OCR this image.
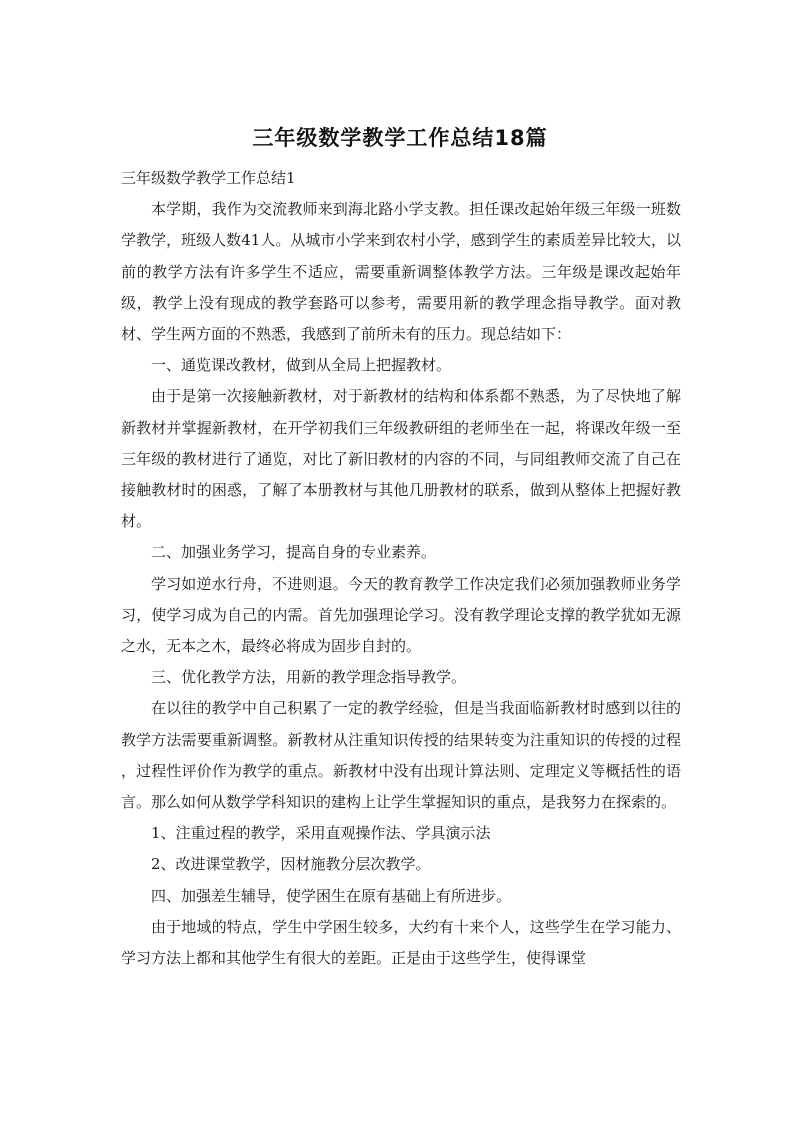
三年级数学教学工作总结18篇

三年级数学教学工作总结1

本学期，我作为交流教师来到海北路小学支教。担任课改起始年级三年级一班数学教学，班级人数41人。从城市小学来到农村小学，感到学生的素质差异比较大，以前的教学方法有许多学生不适应，需要重新调整体教学方法。三年级是课改起始年级，教学上没有现成的教学套路可以参考，需要用新的教学理念指导教学。面对教材、学生两方面的不熟悉，我感到了前所未有的压力。现总结如下：

一、通览课改教材，做到从全局上把握教材。

由于是第一次接触新教材，对于新教材的结构和体系都不熟悉，为了尽快地了解新教材并掌握新教材，在开学初我们三年级教研组的老师坐在一起，将课改年级一至三年级的教材进行了通览，对比了新旧教材的内容的不同，与同组教师交流了自己在接触教材时的困惑，了解了本册教材与其他几册教材的联系，做到从整体上把握好教材。

二、加强业务学习，提高自身的专业素养。

学习如逆水行舟，不进则退。今天的教育教学工作决定我们必须加强教师业务学习，使学习成为自己的内需。首先加强理论学习。没有教学理论支撑的教学犹如无源之水，无本之木，最终必将成为固步自封的。

三、优化教学方法，用新的教学理念指导教学。

在以往的教学中自己积累了一定的教学经验，但是当我面临新教材时感到以往的教学方法需要重新调整。新教材从注重知识传授的结果转变为注重知识的传授的过程 ，过程性评价作为教学的重点。新教材中没有出现计算法则、定理定义等概括性的语言。那么如何从数学学科知识的建构上让学生掌握知识的重点，是我努力在探索的。

1、注重过程的教学，采用直观操作法、学具演示法

2、改进课堂教学，因材施教分层次教学。

四、加强差生辅导，使学困生在原有基础上有所进步。

由于地域的特点，学生中学困生较多，大约有十来个人，这些学生在学习能力、学习方法上都和其他学生有很大的差距。正是由于这些学生，使得课堂
